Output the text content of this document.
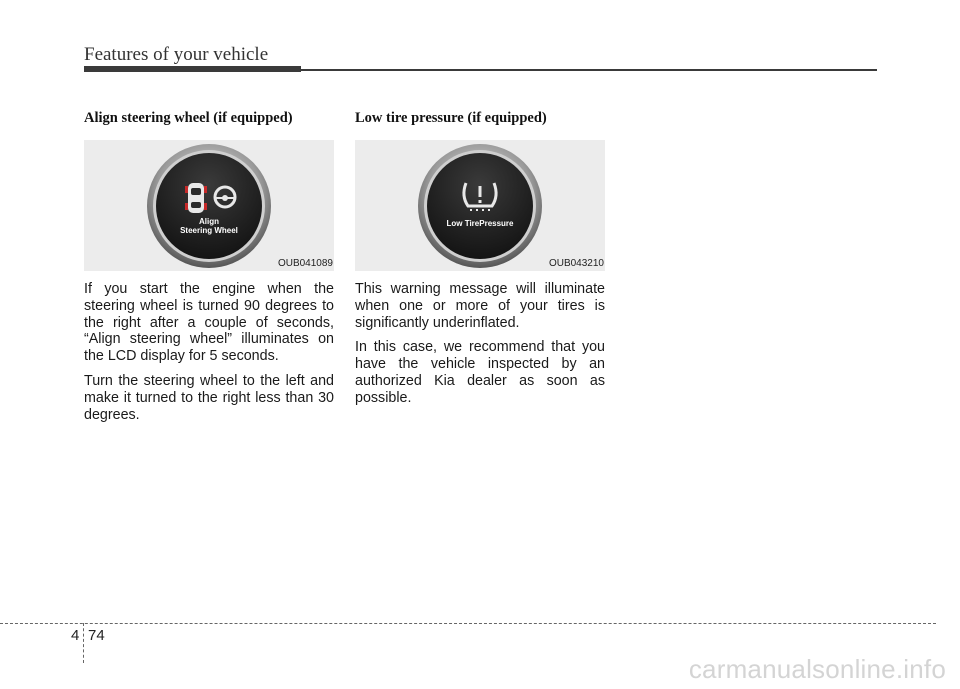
Features of your vehicle
Align steering wheel (if equipped)
Align
Steering Wheel
OUB041089

If you start the engine when the steering wheel is turned 90 degrees to the right after a couple of seconds, “Align steering wheel” illuminates on the LCD display for 5 seconds.

Turn the steering wheel to the left and make it turned to the right less than 30 degrees.

Low tire pressure (if equipped)
Low TirePressure
OUB043210

This warning message will illuminate when one or more of your tires is significantly underinflated.

In this case, we recommend that you have the vehicle inspected by an authorized Kia dealer as soon as possible.

4 74
carmanualsonline.info
